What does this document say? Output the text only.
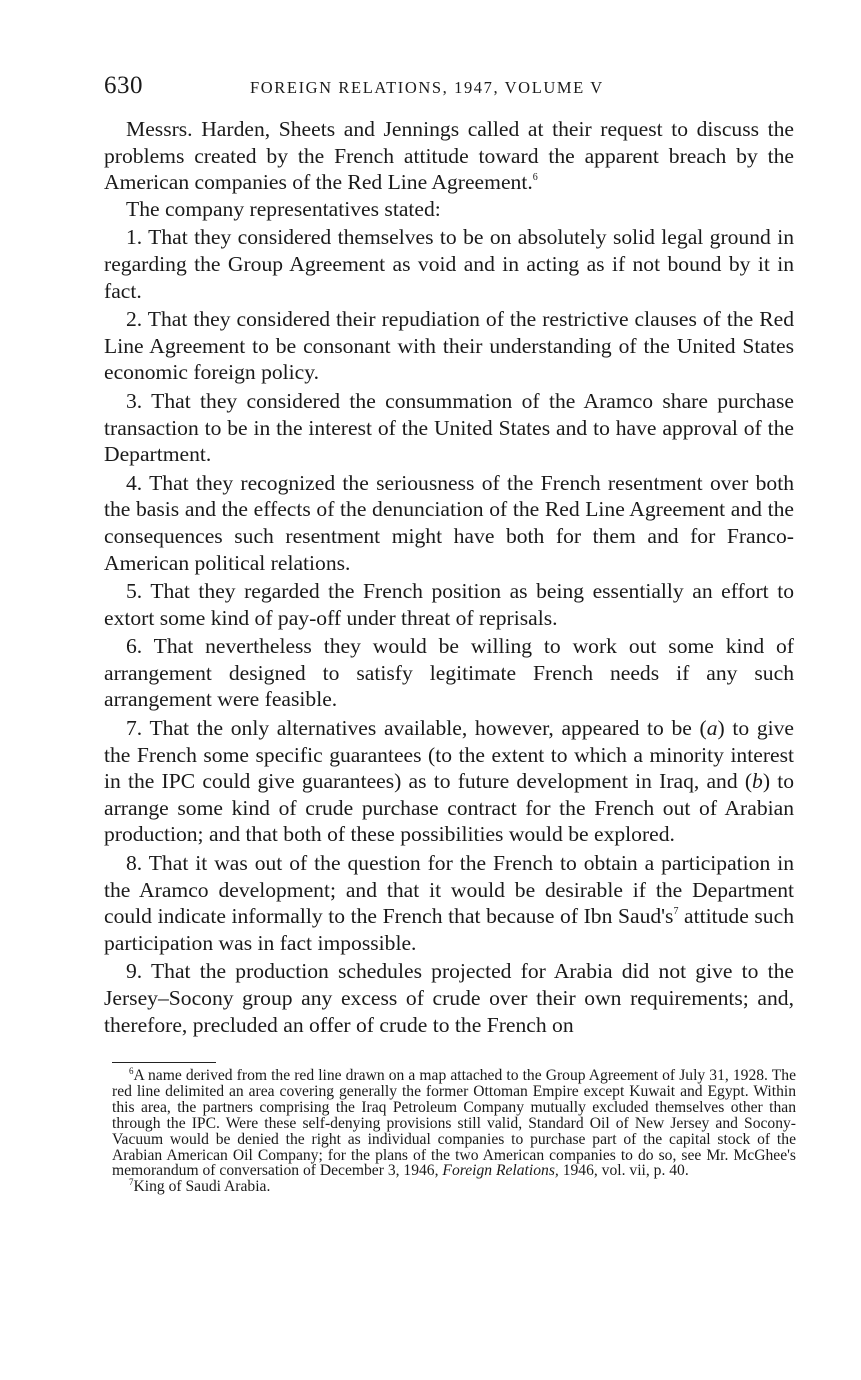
630	FOREIGN RELATIONS, 1947, VOLUME V

Messrs. Harden, Sheets and Jennings called at their request to discuss the problems created by the French attitude toward the apparent breach by the American companies of the Red Line Agreement.$^6$

The company representatives stated:

1. That they considered themselves to be on absolutely solid legal ground in regarding the Group Agreement as void and in acting as if not bound by it in fact.

2. That they considered their repudiation of the restrictive clauses of the Red Line Agreement to be consonant with their understanding of the United States economic foreign policy.

3. That they considered the consummation of the Aramco share purchase transaction to be in the interest of the United States and to have approval of the Department.

4. That they recognized the seriousness of the French resentment over both the basis and the effects of the denunciation of the Red Line Agreement and the consequences such resentment might have both for them and for Franco-American political relations.

5. That they regarded the French position as being essentially an effort to extort some kind of pay-off under threat of reprisals.

6. That nevertheless they would be willing to work out some kind of arrangement designed to satisfy legitimate French needs if any such arrangement were feasible.

7. That the only alternatives available, however, appeared to be (a) to give the French some specific guarantees (to the extent to which a minority interest in the IPC could give guarantees) as to future development in Iraq, and (b) to arrange some kind of crude purchase contract for the French out of Arabian production; and that both of these possibilities would be explored.

8. That it was out of the question for the French to obtain a participation in the Aramco development; and that it would be desirable if the Department could indicate informally to the French that because of Ibn Saud's$^7$ attitude such participation was in fact impossible.

9. That the production schedules projected for Arabia did not give to the Jersey–Socony group any excess of crude over their own requirements; and, therefore, precluded an offer of crude to the French on

$^6$A name derived from the red line drawn on a map attached to the Group Agreement of July 31, 1928. The red line delimited an area covering generally the former Ottoman Empire except Kuwait and Egypt. Within this area, the partners comprising the Iraq Petroleum Company mutually excluded themselves other than through the IPC. Were these self-denying provisions still valid, Standard Oil of New Jersey and Socony-Vacuum would be denied the right as individual companies to purchase part of the capital stock of the Arabian American Oil Company; for the plans of the two American companies to do so, see Mr. McGhee's memorandum of conversation of December 3, 1946, Foreign Relations, 1946, vol. vii, p. 40.

$^7$King of Saudi Arabia.
